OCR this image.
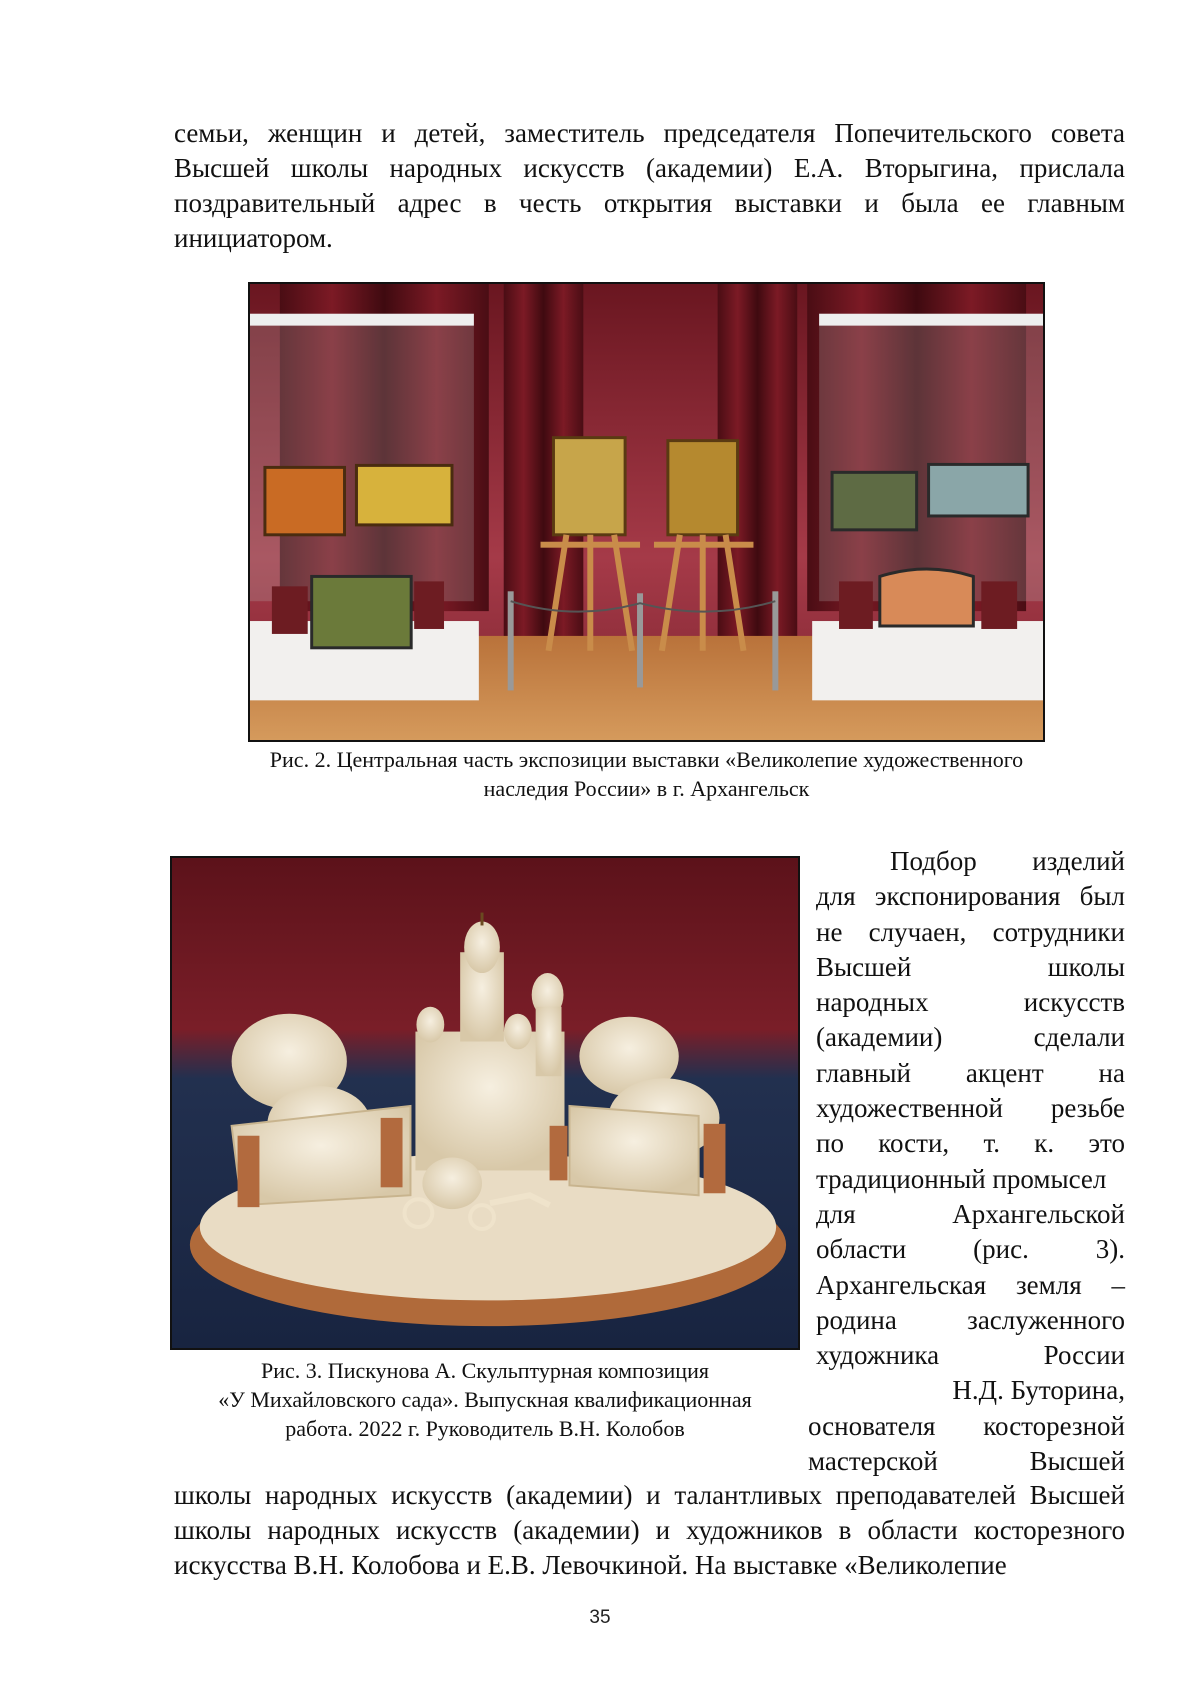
семьи, женщин и детей, заместитель председателя Попечительского совета Высшей школы народных искусств (академии) Е.А. Вторыгина, прислала поздравительный адрес в честь открытия выставки и была ее главным инициатором.

Рис. 2. Центральная часть экспозиции выставки «Великолепие художественного
наследия России» в г. Архангельск

Рис. 3. Пискунова А. Скульптурная композиция
«У Михайловского сада». Выпускная квалификационная
работа. 2022 г. Руководитель В.Н. Колобов

Подбор изделий
для экспонирования был
не случаен, сотрудники
Высшей школы
народных искусств
(академии) сделали
главный акцент на
художественной резьбе
по кости, т. к. это
традиционный промысел
для Архангельской
области (рис. 3).
Архангельская земля –
родина заслуженного
художника России
Н.Д. Буторина,
основателя косторезной
мастерской Высшей

школы народных искусств (академии) и талантливых преподавателей Высшей школы народных искусств (академии) и художников в области косторезного искусства В.Н. Колобова и Е.В. Левочкиной. На выставке «Великолепие

35
